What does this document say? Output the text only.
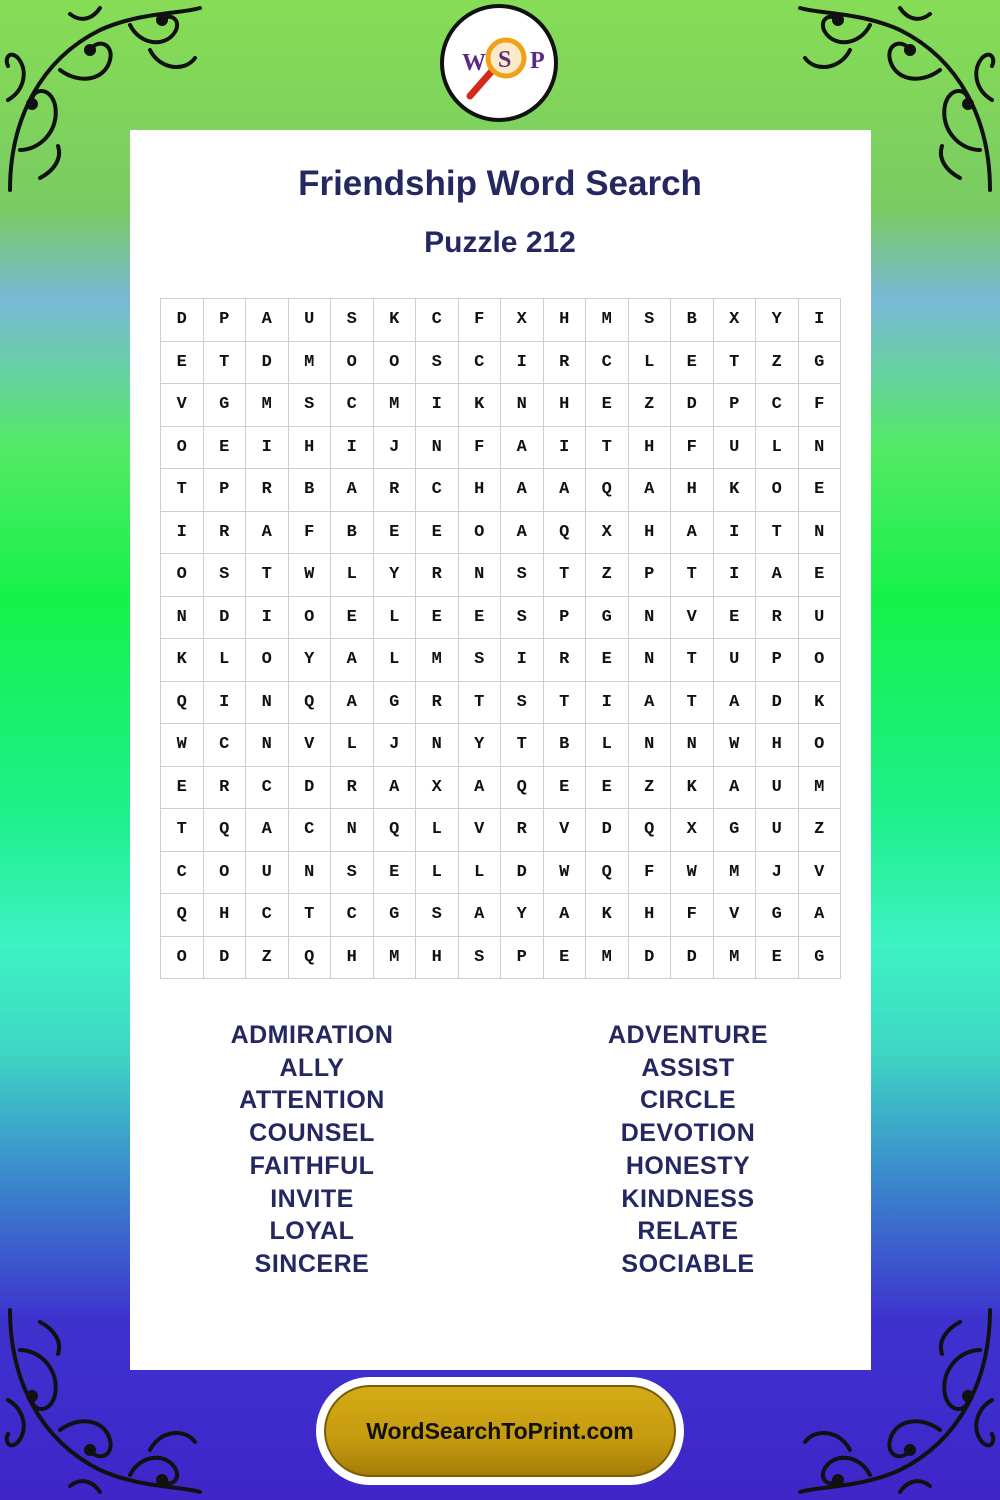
W S P
Friendship Word Search
Puzzle 212
D	P	A	U	S	K	C	F	X	H	M	S	B	X	Y	I
E	T	D	M	O	O	S	C	I	R	C	L	E	T	Z	G
V	G	M	S	C	M	I	K	N	H	E	Z	D	P	C	F
O	E	I	H	I	J	N	F	A	I	T	H	F	U	L	N
T	P	R	B	A	R	C	H	A	A	Q	A	H	K	O	E
I	R	A	F	B	E	E	O	A	Q	X	H	A	I	T	N
O	S	T	W	L	Y	R	N	S	T	Z	P	T	I	A	E
N	D	I	O	E	L	E	E	S	P	G	N	V	E	R	U
K	L	O	Y	A	L	M	S	I	R	E	N	T	U	P	O
Q	I	N	Q	A	G	R	T	S	T	I	A	T	A	D	K
W	C	N	V	L	J	N	Y	T	B	L	N	N	W	H	O
E	R	C	D	R	A	X	A	Q	E	E	Z	K	A	U	M
T	Q	A	C	N	Q	L	V	R	V	D	Q	X	G	U	Z
C	O	U	N	S	E	L	L	D	W	Q	F	W	M	J	V
Q	H	C	T	C	G	S	A	Y	A	K	H	F	V	G	A
O	D	Z	Q	H	M	H	S	P	E	M	D	D	M	E	G
ADMIRATION
ALLY
ATTENTION
COUNSEL
FAITHFUL
INVITE
LOYAL
SINCERE
ADVENTURE
ASSIST
CIRCLE
DEVOTION
HONESTY
KINDNESS
RELATE
SOCIABLE
WordSearchToPrint.com
